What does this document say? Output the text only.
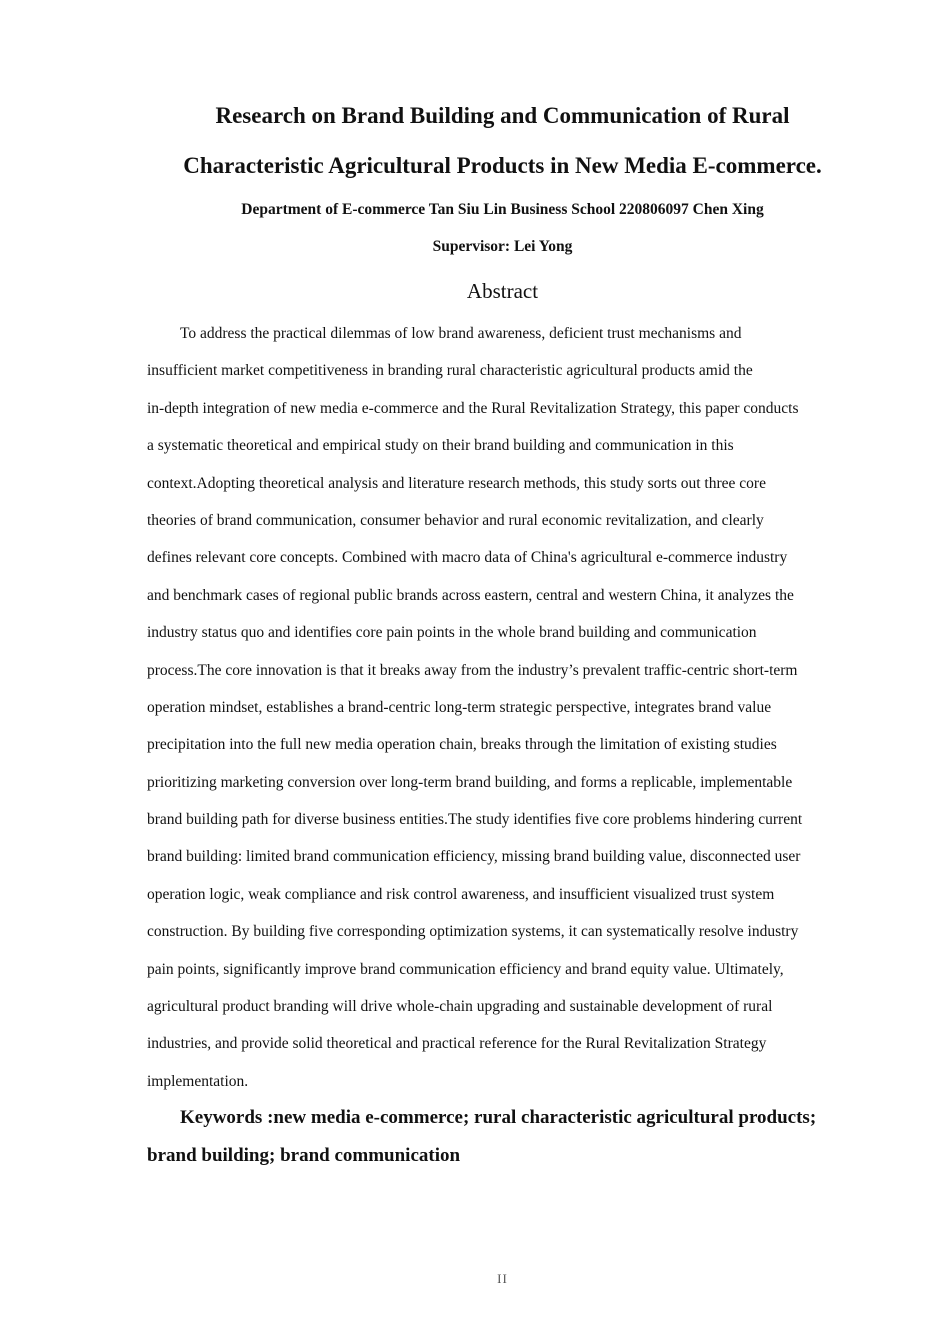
Research on Brand Building and Communication of Rural
Characteristic Agricultural Products in New Media E-commerce.
Department of E-commerce Tan Siu Lin Business School 220806097 Chen Xing
Supervisor: Lei Yong
Abstract
To address the practical dilemmas of low brand awareness, deficient trust mechanisms and
insufficient market competitiveness in branding rural characteristic agricultural products amid the
in-depth integration of new media e-commerce and the Rural Revitalization Strategy, this paper conducts
a systematic theoretical and empirical study on their brand building and communication in this
context.Adopting theoretical analysis and literature research methods, this study sorts out three core
theories of brand communication, consumer behavior and rural economic revitalization, and clearly
defines relevant core concepts. Combined with macro data of China's agricultural e-commerce industry
and benchmark cases of regional public brands across eastern, central and western China, it analyzes the
industry status quo and identifies core pain points in the whole brand building and communication
process.The core innovation is that it breaks away from the industry’s prevalent traffic-centric short-term
operation mindset, establishes a brand-centric long-term strategic perspective, integrates brand value
precipitation into the full new media operation chain, breaks through the limitation of existing studies
prioritizing marketing conversion over long-term brand building, and forms a replicable, implementable
brand building path for diverse business entities.The study identifies five core problems hindering current
brand building: limited brand communication efficiency, missing brand building value, disconnected user
operation logic, weak compliance and risk control awareness, and insufficient visualized trust system
construction. By building five corresponding optimization systems, it can systematically resolve industry
pain points, significantly improve brand communication efficiency and brand equity value. Ultimately,
agricultural product branding will drive whole-chain upgrading and sustainable development of rural
industries, and provide solid theoretical and practical reference for the Rural Revitalization Strategy
implementation.
Keywords :new media e-commerce; rural characteristic agricultural products;
brand building; brand communication
II
